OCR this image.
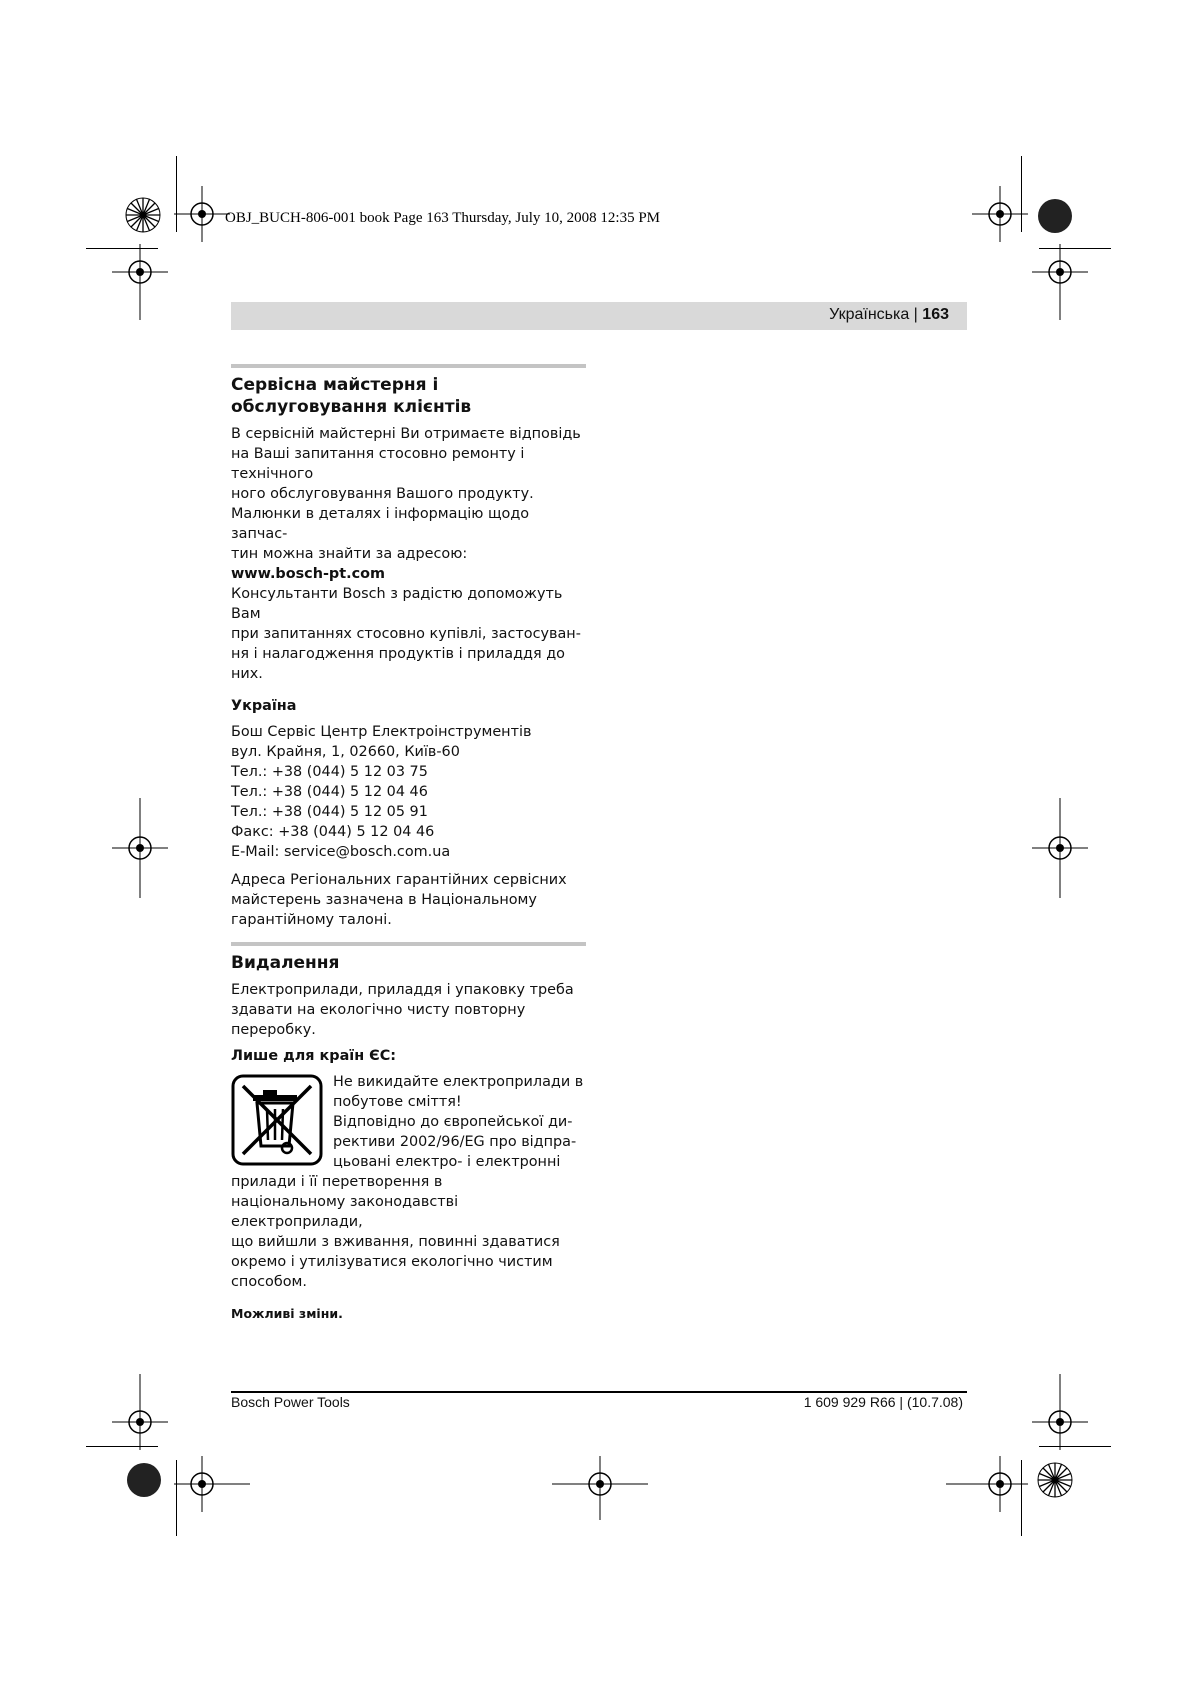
OBJ_BUCH-806-001 book Page 163 Thursday, July 10, 2008 12:35 PM
Українська | 163
Сервісна майстерня і обслуговування клієнтів
В сервісній майстерні Ви отримаєте відповідь
на Ваші запитання стосовно ремонту і технічного
ного обслуговування Вашого продукту.
Малюнки в деталях і інформацію щодо запчас-
тин можна знайти за адресою:
www.bosch-pt.com
Консультанти Bosch з радістю допоможуть Вам
при запитаннях стосовно купівлі, застосуван-
ня і налагодження продуктів і приладдя до них.
Україна
Бош Сервіс Центр Електроінструментів
вул. Крайня, 1, 02660, Київ-60
Тел.: +38 (044) 5 12 03 75
Тел.: +38 (044) 5 12 04 46
Тел.: +38 (044) 5 12 05 91
Факс: +38 (044) 5 12 04 46
E-Mail: service@bosch.com.ua
Адреса Регіональних гарантійних сервісних
майстерень зазначена в Національному
гарантійному талоні.
Видалення
Електроприлади, приладдя і упаковку треба
здавати на екологічно чисту повторну
переробку.
Лише для країн ЄС:
Не викидайте електроприлади в
побутове сміття!
Відповідно до європейської ди-
рективи 2002/96/EG про відпра-
цьовані електро- і електронні
прилади і її перетворення в
національному законодавстві електроприлади,
що вийшли з вживання, повинні здаватися
окремо і утилізуватися екологічно чистим
способом.
Можливі зміни.
Bosch Power Tools	1 609 929 R66 | (10.7.08)
